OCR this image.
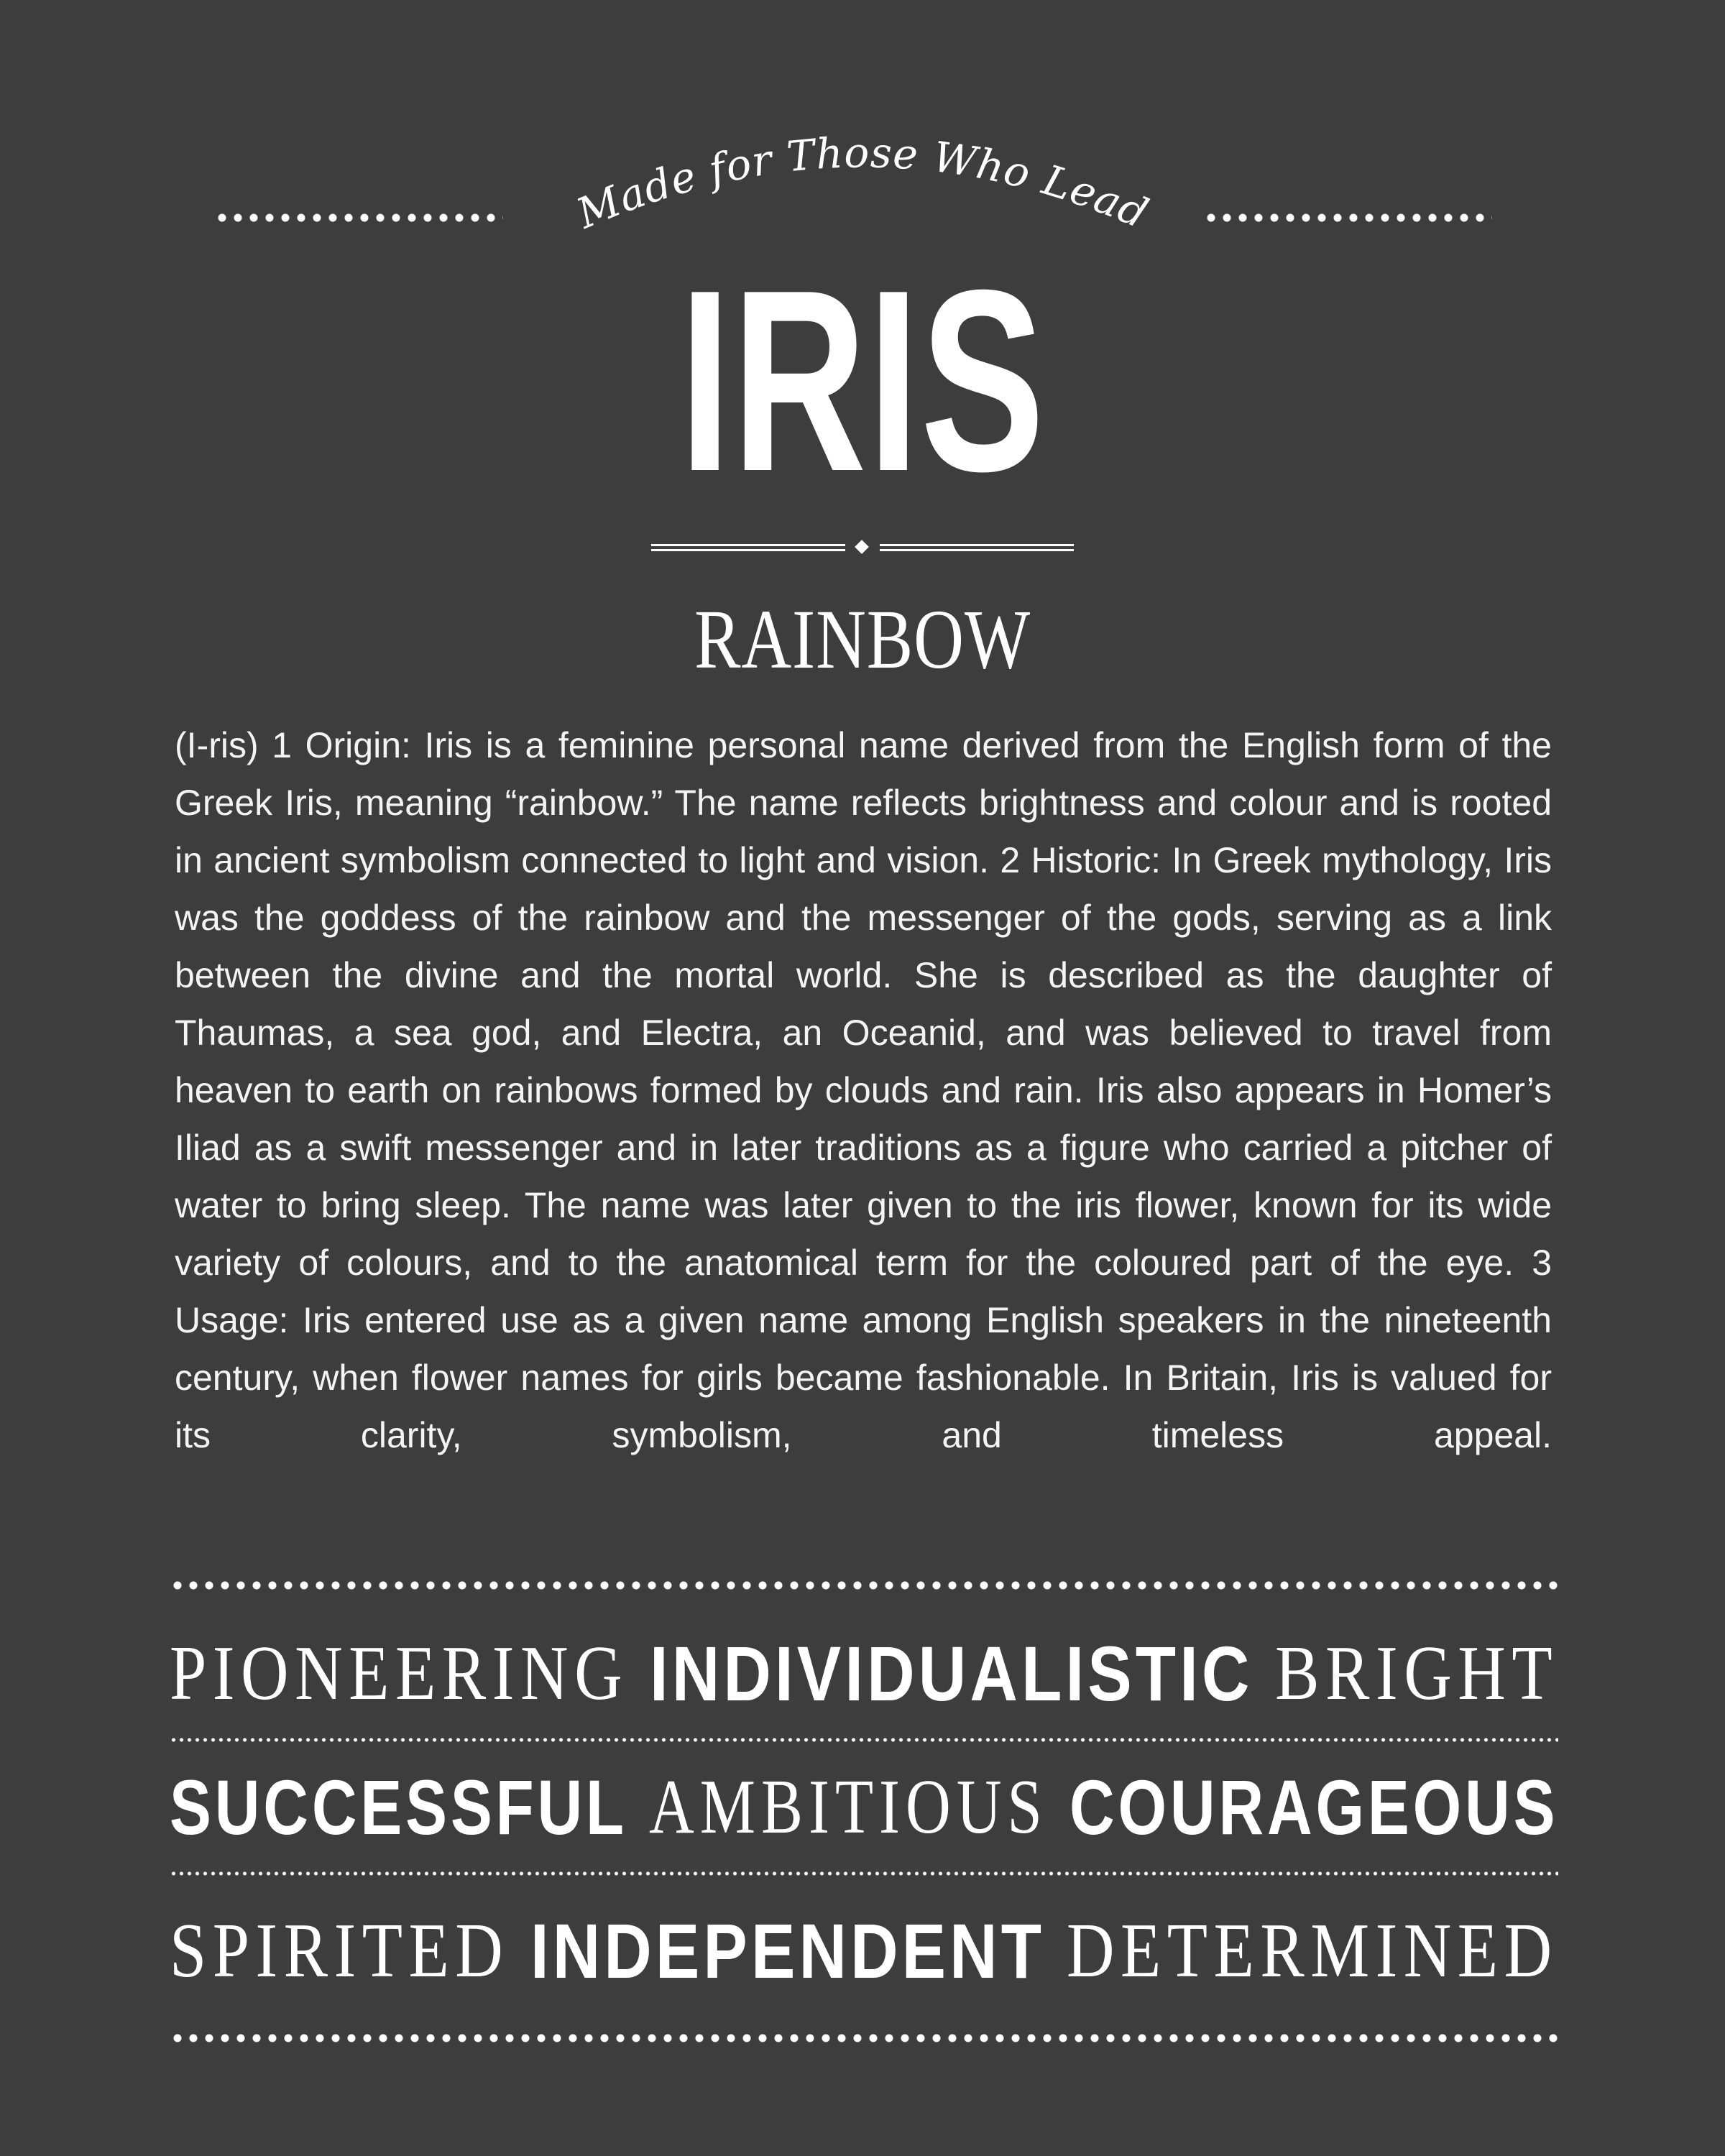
Made for Those Who Lead
IRIS
RAINBOW
(I-ris) 1 Origin: Iris is a feminine personal name derived from the English form of the Greek Iris, meaning “rainbow.” The name reflects brightness and colour and is rooted in ancient symbolism connected to light and vision. 2 Historic: In Greek mythology, Iris was the goddess of the rainbow and the messenger of the gods, serving as a link between the divine and the mortal world. She is described as the daughter of Thaumas, a sea god, and Electra, an Oceanid, and was believed to travel from heaven to earth on rainbows formed by clouds and rain. Iris also appears in Homer’s Iliad as a swift messenger and in later traditions as a figure who carried a pitcher of water to bring sleep. The name was later given to the iris flower, known for its wide variety of colours, and to the anatomical term for the coloured part of the eye. 3 Usage: Iris entered use as a given name among English speakers in the nineteenth century, when flower names for girls became fashionable. In Britain, Iris is valued for its clarity, symbolism, and timeless appeal.
PIONEERING INDIVIDUALISTIC BRIGHT
SUCCESSFUL AMBITIOUS COURAGEOUS
SPIRITED INDEPENDENT DETERMINED
